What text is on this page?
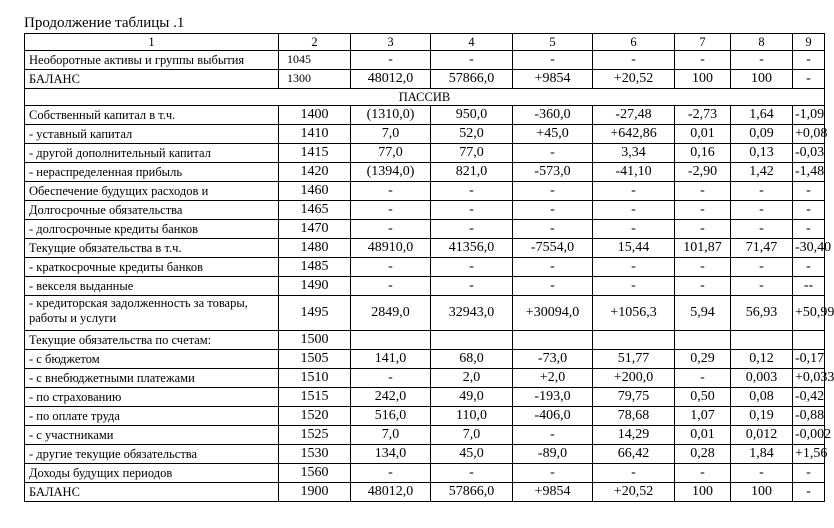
Продолжение таблицы .1
1	2	3	4	5	6	7	8	9
Необоротные активы и группы выбытия	1045	-	-	-	-	-	-	-
БАЛАНС	1300	48012,0	57866,0	+9854	+20,52	100	100	-
ПАССИВ								
Собственный капитал в т.ч.	1400	(1310,0)	950,0	-360,0	-27,48	-2,73	1,64	-1,09
- уставный капитал	1410	7,0	52,0	+45,0	+642,86	0,01	0,09	+0,08
- другой дополнительный капитал	1415	77,0	77,0	-	3,34	0,16	0,13	-0,03
- нераспределенная прибыль	1420	(1394,0)	821,0	-573,0	-41,10	-2,90	1,42	-1,48
Обеспечение будущих расходов и	1460	-	-	-	-	-	-	-
Долгосрочные обязательства	1465	-	-	-	-	-	-	-
- долгосрочные кредиты банков	1470	-	-	-	-	-	-	-
Текущие обязательства в т.ч.	1480	48910,0	41356,0	-7554,0	15,44	101,87	71,47	-30,40
- краткосрочные кредиты банков	1485	-	-	-	-	-	-	-
- векселя выданные	1490	-	-	-	-	-	-	--
- кредиторская задолженность за товары, работы и услуги	1495	2849,0	32943,0	+30094,0	+1056,3	5,94	56,93	+50,99
Текущие обязательства по счетам:	1500							
- с бюджетом	1505	141,0	68,0	-73,0	51,77	0,29	0,12	-0,17
- с внебюджетными платежами	1510	-	2,0	+2,0	+200,0	-	0,003	+0,033
- по страхованию	1515	242,0	49,0	-193,0	79,75	0,50	0,08	-0,42
- по оплате труда	1520	516,0	110,0	-406,0	78,68	1,07	0,19	-0,88
- с участниками	1525	7,0	7,0	-	14,29	0,01	0,012	-0,002
- другие текущие обязательства	1530	134,0	45,0	-89,0	66,42	0,28	1,84	+1,56
Доходы будущих периодов	1560	-	-	-	-	-	-	-
БАЛАНС	1900	48012,0	57866,0	+9854	+20,52	100	100	-
